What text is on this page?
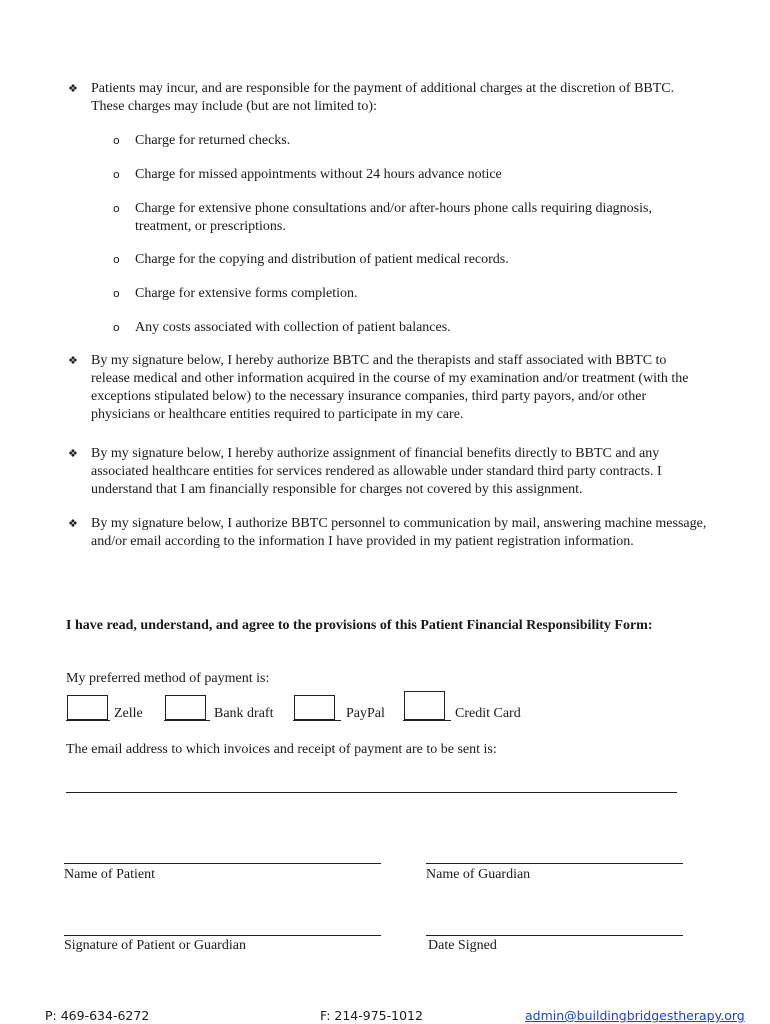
❖ Patients may incur, and are responsible for the payment of additional charges at the discretion of BBTC. These charges may include (but are not limited to):
o Charge for returned checks.
o Charge for missed appointments without 24 hours advance notice
o Charge for extensive phone consultations and/or after-hours phone calls requiring diagnosis, treatment, or prescriptions.
o Charge for the copying and distribution of patient medical records.
o Charge for extensive forms completion.
o Any costs associated with collection of patient balances.
❖ By my signature below, I hereby authorize BBTC and the therapists and staff associated with BBTC to release medical and other information acquired in the course of my examination and/or treatment (with the exceptions stipulated below) to the necessary insurance companies, third party payors, and/or other physicians or healthcare entities required to participate in my care.
❖ By my signature below, I hereby authorize assignment of financial benefits directly to BBTC and any associated healthcare entities for services rendered as allowable under standard third party contracts. I understand that I am financially responsible for charges not covered by this assignment.
❖ By my signature below, I authorize BBTC personnel to communication by mail, answering machine message, and/or email according to the information I have provided in my patient registration information.
I have read, understand, and agree to the provisions of this Patient Financial Responsibility Form:
My preferred method of payment is:
Zelle	Bank draft	PayPal	Credit Card
The email address to which invoices and receipt of payment are to be sent is:
Name of Patient	Name of Guardian
Signature of Patient or Guardian	Date Signed
P: 469-634-6272	F: 214-975-1012	admin@buildingbridgestherapy.org
